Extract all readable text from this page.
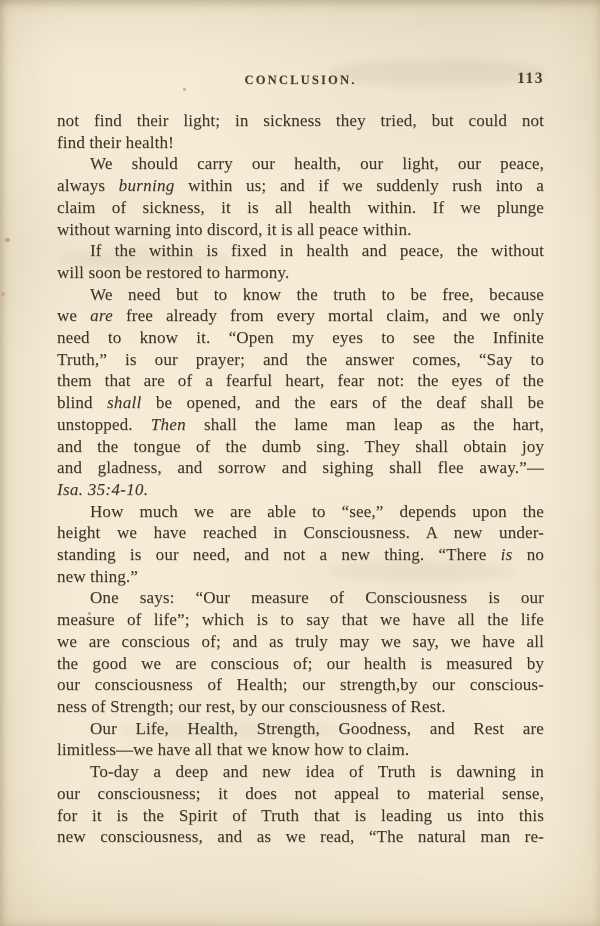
CONCLUSION.	113
not find their light; in sickness they tried, but could not
find their health!
We should carry our health, our light, our peace,
always burning within us; and if we suddenly rush into a
claim of sickness, it is all health within. If we plunge
without warning into discord, it is all peace within.
If the within is fixed in health and peace, the without
will soon be restored to harmony.
We need but to know the truth to be free, because
we are free already from every mortal claim, and we only
need to know it. “Open my eyes to see the Infinite
Truth,” is our prayer; and the answer comes, “Say to
them that are of a fearful heart, fear not: the eyes of the
blind shall be opened, and the ears of the deaf shall be
unstopped. Then shall the lame man leap as the hart,
and the tongue of the dumb sing. They shall obtain joy
and gladness, and sorrow and sighing shall flee away.”—
Isa. 35:4-10.
How much we are able to “see,” depends upon the
height we have reached in Consciousness. A new under-
standing is our need, and not a new thing. “There is no
new thing.”
One says: “Our measure of Consciousness is our
measure of life”; which is to say that we have all the life
we are conscious of; and as truly may we say, we have all
the good we are conscious of; our health is measured by
our consciousness of Health; our strength,by our conscious-
ness of Strength; our rest, by our consciousness of Rest.
Our Life, Health, Strength, Goodness, and Rest are
limitless—we have all that we know how to claim.
To-day a deep and new idea of Truth is dawning in
our consciousness; it does not appeal to material sense,
for it is the Spirit of Truth that is leading us into this
new consciousness, and as we read, “The natural man re-
